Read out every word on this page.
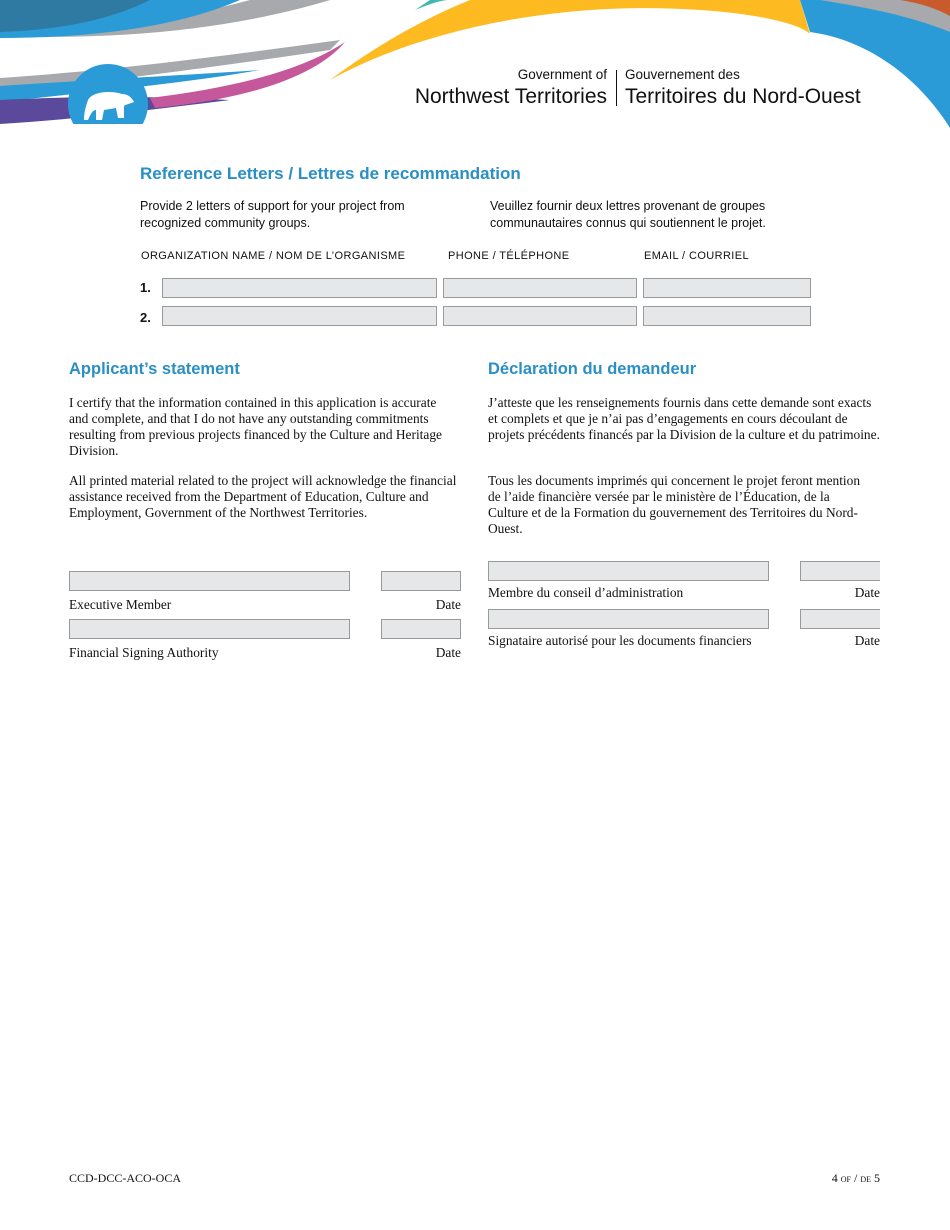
Government of
Northwest Territories
Gouvernement des
Territoires du Nord-Ouest
Reference Letters / Lettres de recommandation
Provide 2 letters of support for your project from recognized community groups.
Veuillez fournir deux lettres provenant de groupes communautaires connus qui soutiennent le projet.
ORGANIZATION NAME / NOM DE L’ORGANISME	PHONE / TÉLÉPHONE	EMAIL / COURRIEL
1.
2.
Applicant’s statement

I certify that the information contained in this application is accurate and complete, and that I do not have any outstanding commitments resulting from previous projects financed by the Culture and Heritage Division.

All printed material related to the project will acknowledge the financial assistance received from the Department of Education, Culture and Employment, Government of the Northwest Territories.

Executive Member	Date
Financial Signing Authority	Date
Déclaration du demandeur

J’atteste que les renseignements fournis dans cette demande sont exacts et complets et que je n’ai pas d’engagements en cours découlant de projets précédents financés par la Division de la culture et du patrimoine.

Tous les documents imprimés qui concernent le projet feront mention de l’aide financière versée par le ministère de l’Éducation, de la Culture et de la Formation du gouvernement des Territoires du Nord-Ouest.

Membre du conseil d’administration	Date
Signataire autorisé pour les documents financiers	Date
CCD-DCC-ACO-OCA	4 of / de 5
